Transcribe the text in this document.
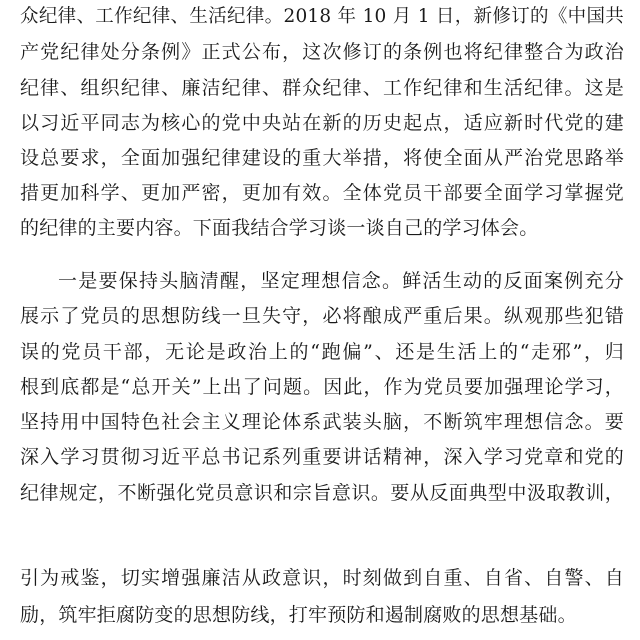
众纪律、工作纪律、生活纪律。2018 年 10 月 1 日，新修订的《中国共
产党纪律处分条例》正式公布，这次修订的条例也将纪律整合为政治
纪律、组织纪律、廉洁纪律、群众纪律、工作纪律和生活纪律。这是
以习近平同志为核心的党中央站在新的历史起点，适应新时代党的建
设总要求，全面加强纪律建设的重大举措，将使全面从严治党思路举
措更加科学、更加严密，更加有效。全体党员干部要全面学习掌握党
的纪律的主要内容。下面我结合学习谈一谈自己的学习体会。
一是要保持头脑清醒，坚定理想信念。鲜活生动的反面案例充分
展示了党员的思想防线一旦失守，必将酿成严重后果。纵观那些犯错
误的党员干部，无论是政治上的“跑偏”、还是生活上的“走邪”，归
根到底都是“总开关”上出了问题。因此，作为党员要加强理论学习，
坚持用中国特色社会主义理论体系武装头脑，不断筑牢理想信念。要
深入学习贯彻习近平总书记系列重要讲话精神，深入学习党章和党的
纪律规定，不断强化党员意识和宗旨意识。要从反面典型中汲取教训，
引为戒鉴，切实增强廉洁从政意识，时刻做到自重、自省、自警、自
励，筑牢拒腐防变的思想防线，打牢预防和遏制腐败的思想基础。
